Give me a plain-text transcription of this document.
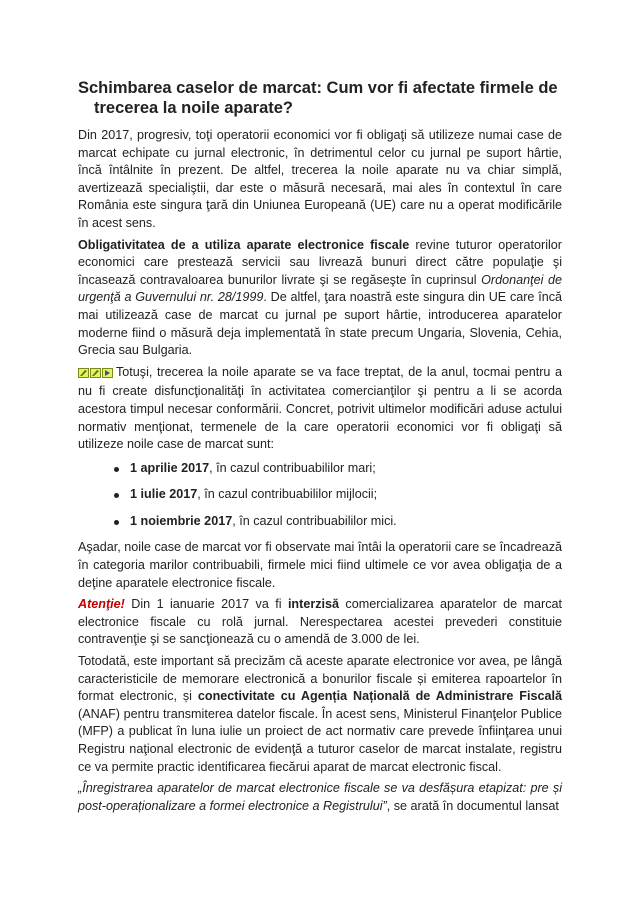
Schimbarea caselor de marcat: Cum vor fi afectate firmele de trecerea la noile aparate?

Din 2017, progresiv, toţi operatorii economici vor fi obligaţi să utilizeze numai case de marcat echipate cu jurnal electronic, în detrimentul celor cu jurnal pe suport hârtie, încă întâlnite în prezent. De altfel, trecerea la noile aparate nu va chiar simplă, avertizează specialiştii, dar este o măsură necesară, mai ales în contextul în care România este singura ţară din Uniunea Europeană (UE) care nu a operat modificările în acest sens.

Obligativitatea de a utiliza aparate electronice fiscale revine tuturor operatorilor economici care prestează servicii sau livrează bunuri direct către populaţie şi încasează contravaloarea bunurilor livrate şi se regăseşte în cuprinsul Ordonanţei de urgenţă a Guvernului nr. 28/1999. De altfel, ţara noastră este singura din UE care încă mai utilizează case de marcat cu jurnal pe suport hârtie, introducerea aparatelor moderne fiind o măsură deja implementată în state precum Ungaria, Slovenia, Cehia, Grecia sau Bulgaria.

Totuşi, trecerea la noile aparate se va face treptat, de la anul, tocmai pentru a nu fi create disfuncţionalităţi în activitatea comercianţilor şi pentru a li se acorda acestora timpul necesar conformării. Concret, potrivit ultimelor modificări aduse actului normativ menţionat, termenele de la care operatorii economici vor fi obligaţi să utilizeze noile case de marcat sunt:

1 aprilie 2017, în cazul contribuabililor mari;
1 iulie 2017, în cazul contribuabililor mijlocii;
1 noiembrie 2017, în cazul contribuabililor mici.

Aşadar, noile case de marcat vor fi observate mai întâi la operatorii care se încadrează în categoria marilor contribuabili, firmele mici fiind ultimele ce vor avea obligaţia de a deţine aparatele electronice fiscale.

Atenţie! Din 1 ianuarie 2017 va fi interzisă comercializarea aparatelor de marcat electronice fiscale cu rolă jurnal. Nerespectarea acestei prevederi constituie contravenţie şi se sancţionează cu o amendă de 3.000 de lei.

Totodată, este important să precizăm că aceste aparate electronice vor avea, pe lângă caracteristicile de memorare electronică a bonurilor fiscale și emiterea rapoartelor în format electronic, și conectivitate cu Agenția Națională de Administrare Fiscală (ANAF) pentru transmiterea datelor fiscale. În acest sens, Ministerul Finanţelor Publice (MFP) a publicat în luna iulie un proiect de act normativ care prevede înfiinţarea unui Registru naţional electronic de evidenţă a tuturor caselor de marcat instalate, registru ce va permite practic identificarea fiecărui aparat de marcat electronic fiscal.

„Înregistrarea aparatelor de marcat electronice fiscale se va desfășura etapizat: pre și post-operaționalizare a formei electronice a Registrului”, se arată în documentul lansat
